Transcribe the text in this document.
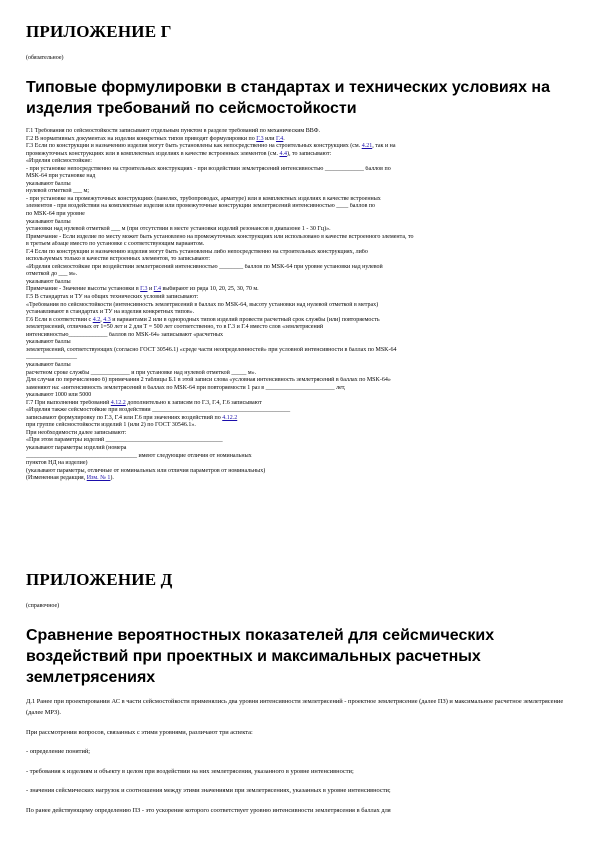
ПРИЛОЖЕНИЕ Г
(обязательное)
Типовые формулировки в стандартах и технических условиях на изделия требований по сейсмостойкости

Г.1 Требования по сейсмостойкости записывают отдельным пунктом в разделе требований по механическим ВВФ.

Г.2 В нормативных документах на изделия конкретных типов приводят формулировки по Г.3 или Г.4.

Г.3 Если по конструкции и назначению изделия могут быть установлены как непосредственно на строительных конструкциях (см. 4.21, так и на

промежуточных конструкциях или в комплектных изделиях в качестве встроенных элементов (см. 4.4), то записывают:

«Изделия сейсмостойкие:

- при установке непосредственно на строительных конструкциях - при воздействии землетрясений интенсивностью _____________ баллов по

MSK-64 при установке над

указывают баллы

нулевой отметкой ___ м;

- при установке на промежуточных конструкциях (панелях, трубопроводах, арматуре) или в комплектных изделиях в качестве встроенных

элементов - при воздействии на комплектные изделия или промежуточные конструкции землетрясений интенсивностью ____ баллов по

по MSK-64 при уровне

указывают баллы

установки над нулевой отметкой ___ м (при отсутствии в месте установки изделий резонансов в диапазоне 1 - 30 Гц)».

Примечание - Если изделие по месту может быть установлено на промежуточных конструкциях или использовано в качестве встроенного элемента, то

в третьем абзаце вместо по установке с соответствующим вариантом.

Г.4 Если по конструкции и назначению изделия могут быть установлены либо непосредственно на строительных конструкциях, либо

используемых только в качестве встроенных элементов, то записывают:

«Изделия сейсмостойкие при воздействии землетрясений интенсивностью ________ баллов по MSK-64 при уровне установки над нулевой

отметкой до ___ м».

указывают баллы

Примечание - Значение высоты установки в Г.3 и Г.4 выбирают из ряда 10, 20, 25, 30, 70 м.

Г.5 В стандартах и ТУ на общих технических условий записывают:

«Требования по сейсмостойкости (интенсивность землетрясений в баллах по MSK-64, высоту установки над нулевой отметкой в метрах)

устанавливают в стандартах и ТУ на изделия конкретных типов».

Г.6 Если в соответствии с 4.2, 4.3 и вариантами 2 или в однородных типов изделий провести расчетный срок службы (или) повторяемость

землетрясений, отличных от 1=50 лет и 2 для Т = 500 лет соответственно, то в Г.3 и Г.4 вместо слов «землетрясений

интенсивностью_____________ баллов по MSK-64» записывают «расчетных

указывают баллы

землетрясений, соответствующих (согласно ГОСТ 30546.1) «среде части неопределенностей» при условной интенсивности в баллах по MSK-64

_________________

указывают баллы

расчетном сроке службы _____________ и при установке над нулевой отметкой _____ м».

Для случая по перечислению б) примечания 2 таблицы Б.1 в этой записи слова «условная интенсивность землетрясений в баллах по MSK-64»

заменяют на: «интенсивность землетрясений в баллах по MSK-64 при повторяемости 1 раз в _______________________ лет,

указывают 1000 или 5000

Г.7 При выполнении требований 4.12.2 дополнительно к записям по Г.3, Г.4, Г.6 записывают

«Изделия также сейсмостойкие при воздействии ______________________________________________

записывают формулировку по Г.3, Г.4 или Г.6 при значениях воздействий по 4.12.2

при группе сейсмостойкости изделий 1 (или 2) по ГОСТ 30546.1».

При необходимости далее записывают:

«При этом параметры изделий _______________________________________

указывают параметры изделий (номера

_____________________________________ имеют следующие отличия от номинальных

пунктов НД на изделие)

(указывают параметры, отличные от номинальных или отличия параметров от номинальных)

(Измененная редакция, Изм. № 1).

ПРИЛОЖЕНИЕ Д
(справочное)
Сравнение вероятностных показателей для сейсмических воздействий при проектных и максимальных расчетных землетрясениях

Д.1 Ранее при проектировании АС в части сейсмостойкости применялись два уровня интенсивности землетрясений - проектное землетрясение (далее ПЗ) и максимальное расчетное землетрясение (далее МРЗ).

При рассмотрении вопросов, связанных с этими уровнями, различают три аспекта:

- определение понятий;

- требования к изделиям и объекту в целом при воздействии на них землетрясения, указанного в уровне интенсивности;

- значения сейсмических нагрузок и соотношения между этими значениями при землетрясениях, указанных в уровне интенсивности;

По ранее действующему определению ПЗ - это ускорение которого соответствует уровню интенсивности землетрясения в баллах для
